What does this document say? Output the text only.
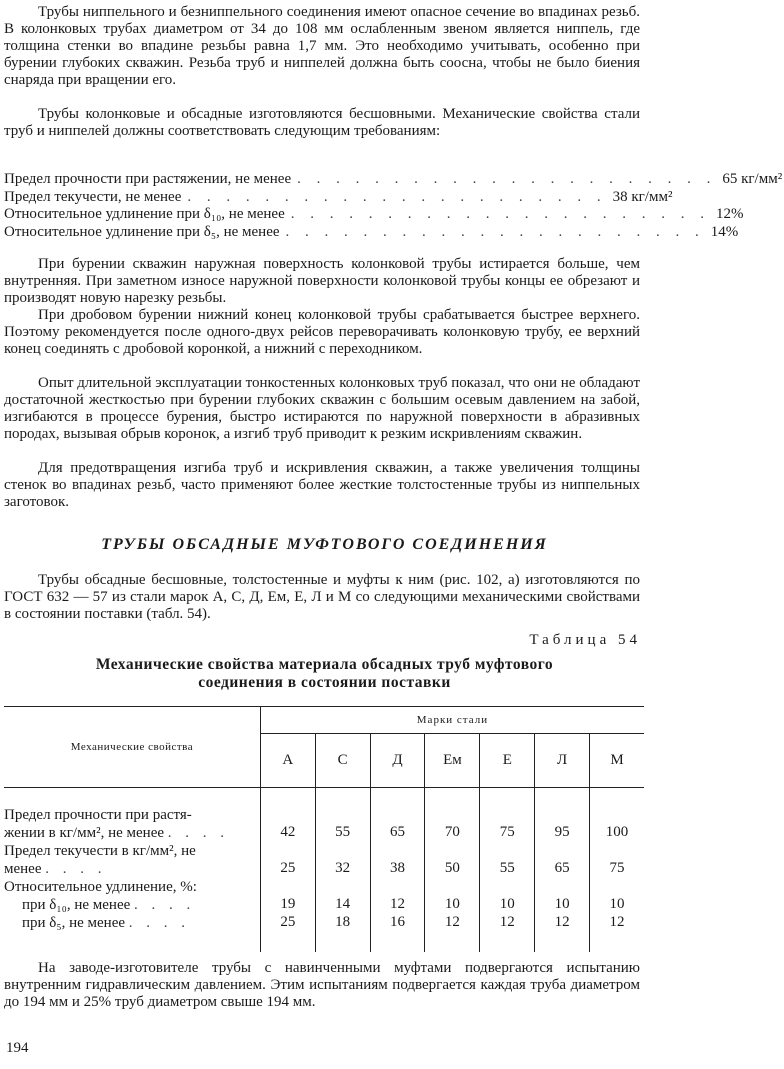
Трубы ниппельного и безниппельного соединения имеют опасное сечение во впадинах резьб. В колонковых трубах диаметром от 34 до 108 мм ослабленным звеном является ниппель, где толщина стенки во впадине резьбы равна 1,7 мм. Это необходимо учитывать, особенно при бурении глубоких скважин. Резьба труб и ниппелей должна быть соосна, чтобы не было биения снаряда при вращении его.

Трубы колонковые и обсадные изготовляются бесшовными. Механические свойства стали труб и ниппелей должны соответствовать следующим требованиям:

Предел прочности при растяжении, не менее . . . . . . . . . . . . . . . . . . . . . . 65 кг/мм²
Предел текучести, не менее . . . . . . . . . . . . . . . . . . . . . . 38 кг/мм²
Относительное удлинение при δ₁₀, не менее . . . . . . . . . . . . . . . . . . . . . . 12%
Относительное удлинение при δ₅, не менее . . . . . . . . . . . . . . . . . . . . . . 14%

При бурении скважин наружная поверхность колонковой трубы истирается больше, чем внутренняя. При заметном износе наружной поверхности колонковой трубы концы ее обрезают и производят новую нарезку резьбы.

При дробовом бурении нижний конец колонковой трубы срабатывается быстрее верхнего. Поэтому рекомендуется после одного-двух рейсов переворачивать колонковую трубу, ее верхний конец соединять с дробовой коронкой, а нижний с переходником.

Опыт длительной эксплуатации тонкостенных колонковых труб показал, что они не обладают достаточной жесткостью при бурении глубоких скважин с большим осевым давлением на забой, изгибаются в процессе бурения, быстро истираются по наружной поверхности в абразивных породах, вызывая обрыв коронок, а изгиб труб приводит к резким искривлениям скважин.

Для предотвращения изгиба труб и искривления скважин, а также увеличения толщины стенок во впадинах резьб, часто применяют более жесткие толстостенные трубы из ниппельных заготовок.

ТРУБЫ ОБСАДНЫЕ МУФТОВОГО СОЕДИНЕНИЯ

Трубы обсадные бесшовные, толстостенные и муфты к ним (рис. 102, а) изготовляются по ГОСТ 632 — 57 из стали марок А, С, Д, Eм, Е, Л и М со следующими механическими свойствами в состоянии поставки (табл. 54).

Таблица 54
Механические свойства материала обсадных труб муфтового
соединения в состоянии поставки
Механические свойства	Марки стали						
	А	С	Д	Eм	Е	Л	М

Предел прочности при растя-
жении в кг/мм², не менее . . . .	42	55	65	70	75	95	100

Предел текучести в кг/мм², не
менее . . . .	25	32	38	50	55	65	75

Относительное удлинение, %:							

при δ₁₀, не менее . . . .	19	14	12	10	10	10	10

при δ₅, не менее . . . .	25	18	16	12	12	12	12

На заводе-изготовителе трубы с навинченными муфтами подвергаются испытанию внутренним гидравлическим давлением. Этим испытаниям подвергается каждая труба диаметром до 194 мм и 25% труб диаметром свыше 194 мм.

194
